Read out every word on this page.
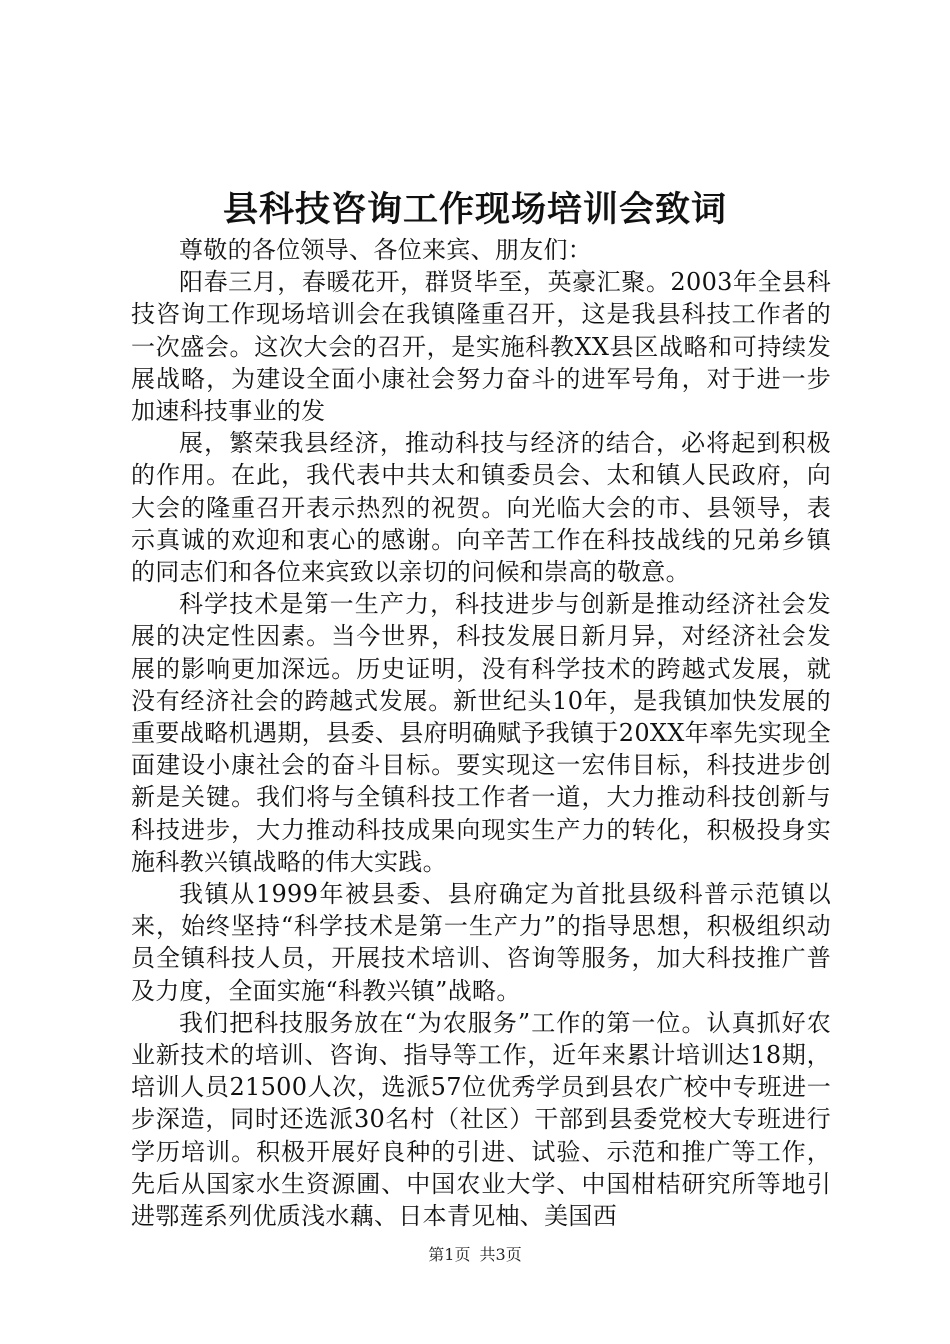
县科技咨询工作现场培训会致词

尊敬的各位领导、各位来宾、朋友们：

阳春三月，春暖花开，群贤毕至，英豪汇聚。2003年全县科技咨询工作现场培训会在我镇隆重召开，这是我县科技工作者的一次盛会。这次大会的召开，是实施科教XX县区战略和可持续发展战略，为建设全面小康社会努力奋斗的进军号角，对于进一步加速科技事业的发

展，繁荣我县经济，推动科技与经济的结合，必将起到积极的作用。在此，我代表中共太和镇委员会、太和镇人民政府，向大会的隆重召开表示热烈的祝贺。向光临大会的市、县领导，表示真诚的欢迎和衷心的感谢。向辛苦工作在科技战线的兄弟乡镇的同志们和各位来宾致以亲切的问候和崇高的敬意。

科学技术是第一生产力，科技进步与创新是推动经济社会发展的决定性因素。当今世界，科技发展日新月异，对经济社会发展的影响更加深远。历史证明，没有科学技术的跨越式发展，就没有经济社会的跨越式发展。新世纪头10年，是我镇加快发展的重要战略机遇期，县委、县府明确赋予我镇于20XX年率先实现全面建设小康社会的奋斗目标。要实现这一宏伟目标，科技进步创新是关键。我们将与全镇科技工作者一道，大力推动科技创新与科技进步，大力推动科技成果向现实生产力的转化，积极投身实施科教兴镇战略的伟大实践。

我镇从1999年被县委、县府确定为首批县级科普示范镇以来，始终坚持“科学技术是第一生产力”的指导思想，积极组织动员全镇科技人员，开展技术培训、咨询等服务，加大科技推广普及力度，全面实施“科教兴镇”战略。

我们把科技服务放在“为农服务”工作的第一位。认真抓好农业新技术的培训、咨询、指导等工作，近年来累计培训达18期，培训人员21500人次，选派57位优秀学员到县农广校中专班进一步深造，同时还选派30名村（社区）干部到县委党校大专班进行学历培训。积极开展好良种的引进、试验、示范和推广等工作，先后从国家水生资源圃、中国农业大学、中国柑桔研究所等地引进鄂莲系列优质浅水藕、日本青见柚、美国西

第1页 共3页
